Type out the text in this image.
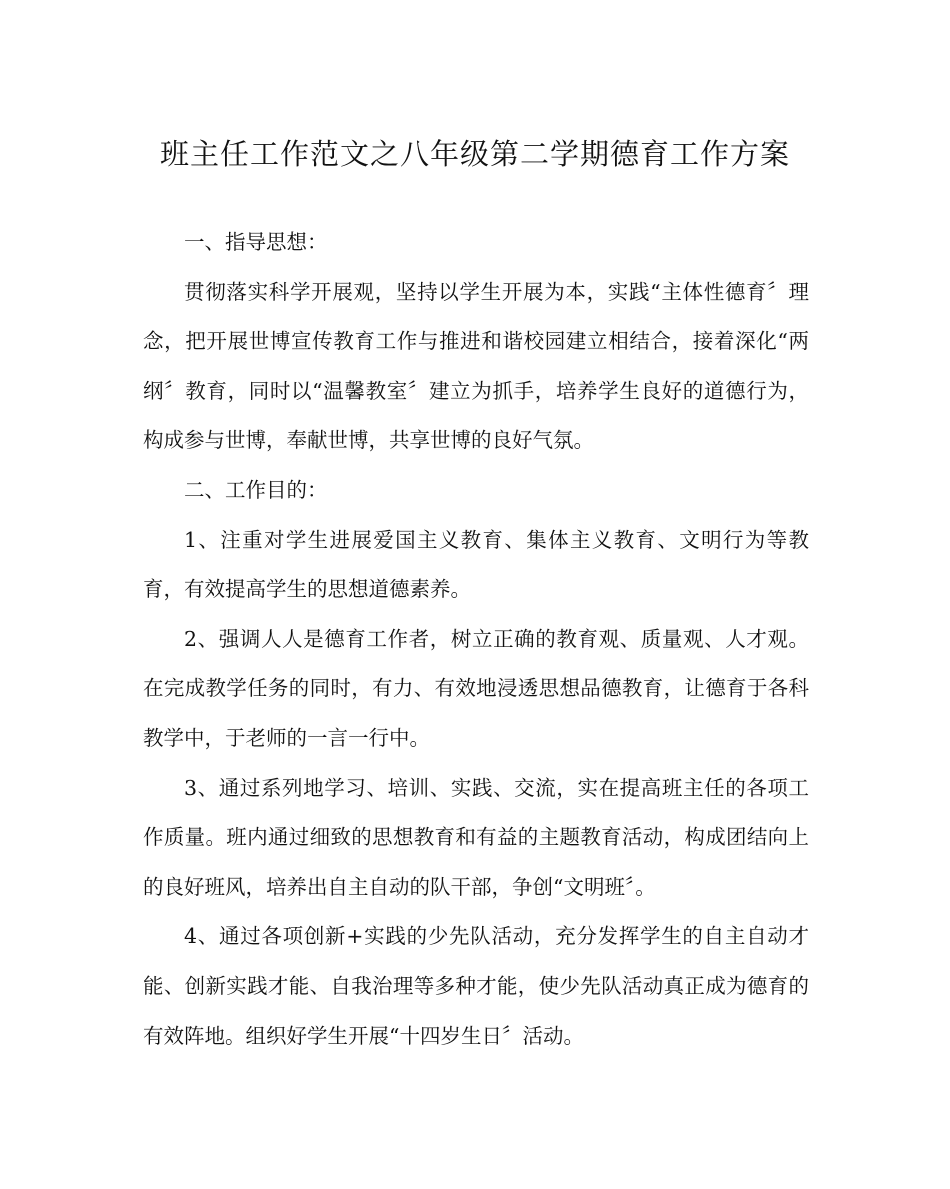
班主任工作范文之八年级第二学期德育工作方案

一、指导思想：

贯彻落实科学开展观，坚持以学生开展为本，实践“主体性德育〞理念，把开展世博宣传教育工作与推进和谐校园建立相结合，接着深化“两纲〞教育，同时以“温馨教室〞建立为抓手，培养学生良好的道德行为，构成参与世博，奉献世博，共享世博的良好气氛。

二、工作目的：

1、注重对学生进展爱国主义教育、集体主义教育、文明行为等教育，有效提高学生的思想道德素养。

2、强调人人是德育工作者，树立正确的教育观、质量观、人才观。在完成教学任务的同时，有力、有效地浸透思想品德教育，让德育于各科教学中，于老师的一言一行中。

3、通过系列地学习、培训、实践、交流，实在提高班主任的各项工作质量。班内通过细致的思想教育和有益的主题教育活动，构成团结向上的良好班风，培养出自主自动的队干部，争创“文明班〞。

4、通过各项创新+实践的少先队活动，充分发挥学生的自主自动才能、创新实践才能、自我治理等多种才能，使少先队活动真正成为德育的有效阵地。组织好学生开展“十四岁生日〞活动。
